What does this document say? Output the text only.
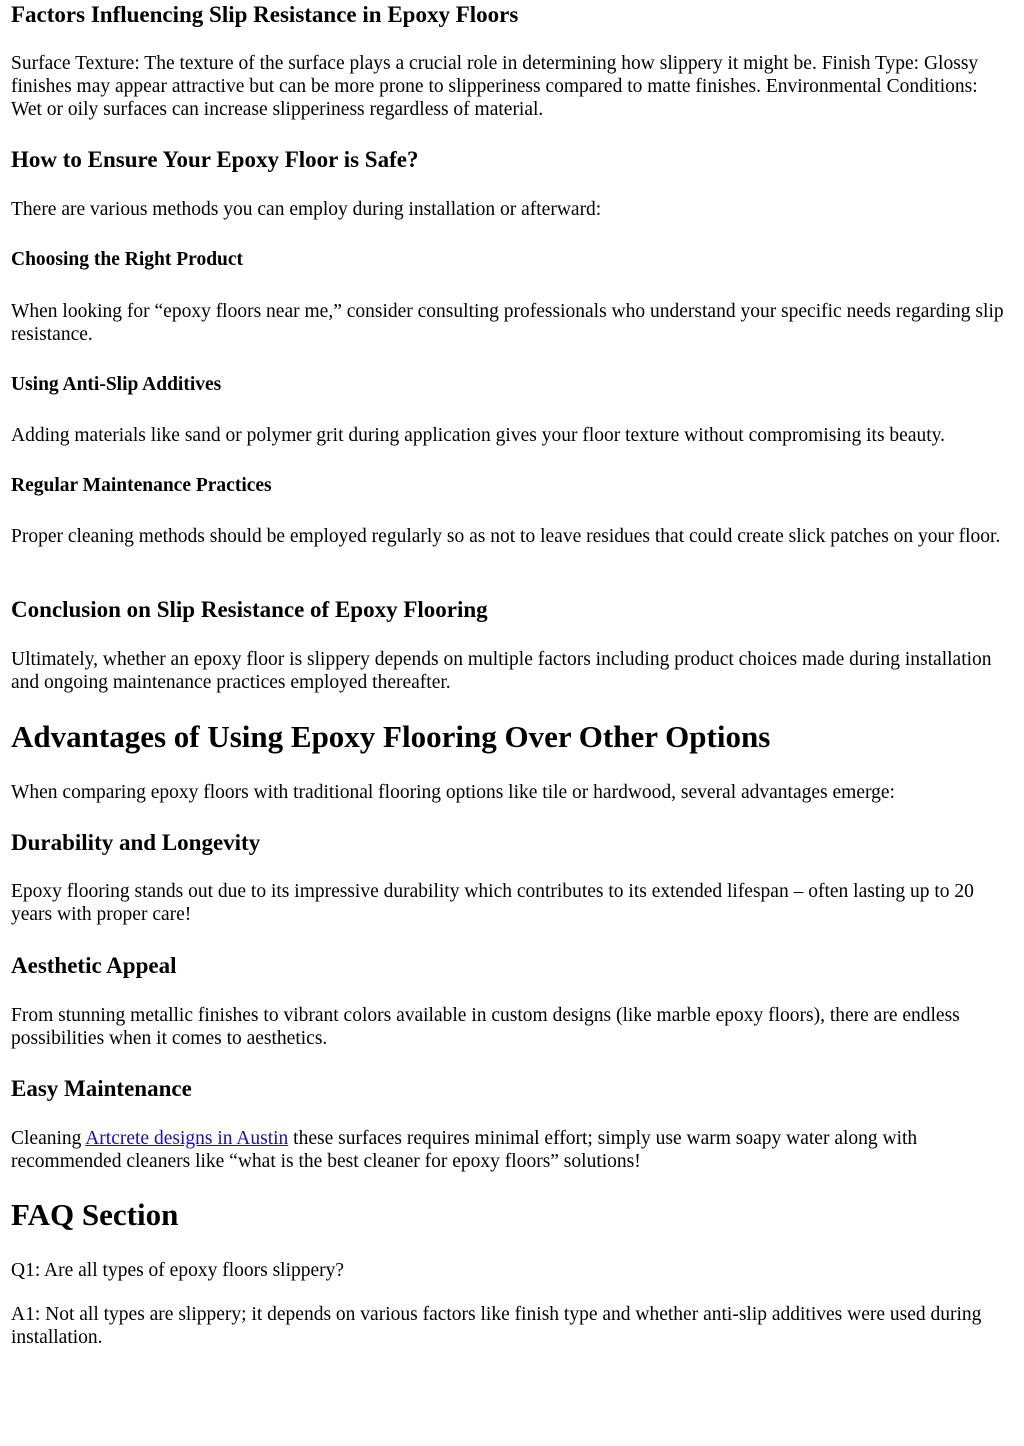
Factors Influencing Slip Resistance in Epoxy Floors

Surface Texture: The texture of the surface plays a crucial role in determining how slippery it might be. Finish Type: Glossy finishes may appear attractive but can be more prone to slipperiness compared to matte finishes. Environmental Conditions: Wet or oily surfaces can increase slipperiness regardless of material.

How to Ensure Your Epoxy Floor is Safe?

There are various methods you can employ during installation or afterward:

Choosing the Right Product

When looking for “epoxy floors near me,” consider consulting professionals who understand your specific needs regarding slip resistance.

Using Anti-Slip Additives

Adding materials like sand or polymer grit during application gives your floor texture without compromising its beauty.

Regular Maintenance Practices

Proper cleaning methods should be employed regularly so as not to leave residues that could create slick patches on your floor.

Conclusion on Slip Resistance of Epoxy Flooring

Ultimately, whether an epoxy floor is slippery depends on multiple factors including product choices made during installation and ongoing maintenance practices employed thereafter.

Advantages of Using Epoxy Flooring Over Other Options

When comparing epoxy floors with traditional flooring options like tile or hardwood, several advantages emerge:

Durability and Longevity

Epoxy flooring stands out due to its impressive durability which contributes to its extended lifespan – often lasting up to 20 years with proper care!

Aesthetic Appeal

From stunning metallic finishes to vibrant colors available in custom designs (like marble epoxy floors), there are endless possibilities when it comes to aesthetics.

Easy Maintenance

Cleaning Artcrete designs in Austin these surfaces requires minimal effort; simply use warm soapy water along with recommended cleaners like “what is the best cleaner for epoxy floors” solutions!

FAQ Section

Q1: Are all types of epoxy floors slippery?

A1: Not all types are slippery; it depends on various factors like finish type and whether anti-slip additives were used during installation.
